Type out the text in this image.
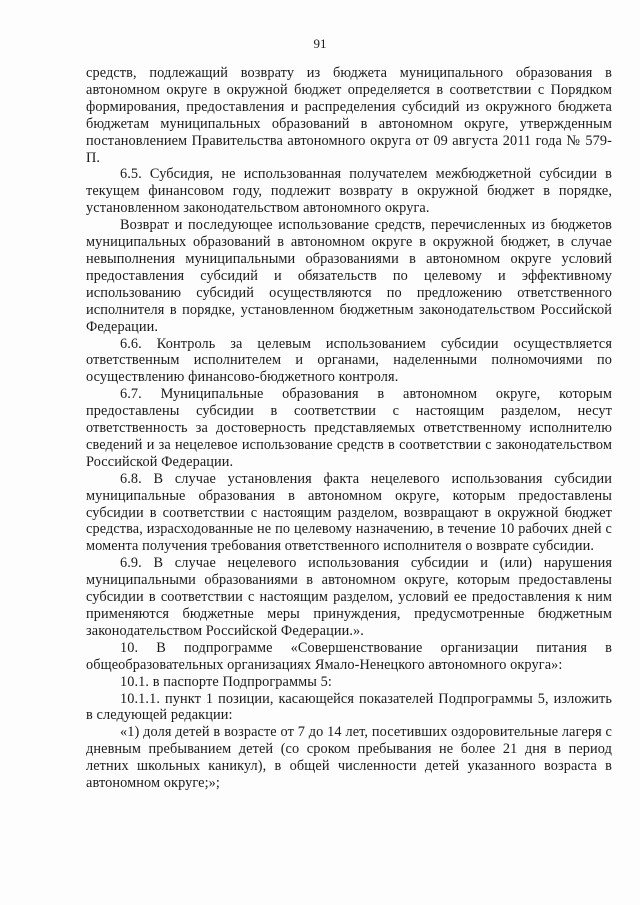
91

средств, подлежащий возврату из бюджета муниципального образования в автономном округе в окружной бюджет определяется в соответствии с Порядком формирования, предоставления и распределения субсидий из окружного бюджета бюджетам муниципальных образований в автономном округе, утвержденным постановлением Правительства автономного округа от 09 августа 2011 года № 579-П.

6.5. Субсидия, не использованная получателем межбюджетной субсидии в текущем финансовом году, подлежит возврату в окружной бюджет в порядке, установленном законодательством автономного округа.

Возврат и последующее использование средств, перечисленных из бюджетов муниципальных образований в автономном округе в окружной бюджет, в случае невыполнения муниципальными образованиями в автономном округе условий предоставления субсидий и обязательств по целевому и эффективному использованию субсидий осуществляются по предложению ответственного исполнителя в порядке, установленном бюджетным законодательством Российской Федерации.

6.6. Контроль за целевым использованием субсидии осуществляется ответственным исполнителем и органами, наделенными полномочиями по осуществлению финансово-бюджетного контроля.

6.7. Муниципальные образования в автономном округе, которым предоставлены субсидии в соответствии с настоящим разделом, несут ответственность за достоверность представляемых ответственному исполнителю сведений и за нецелевое использование средств в соответствии с законодательством Российской Федерации.

6.8. В случае установления факта нецелевого использования субсидии муниципальные образования в автономном округе, которым предоставлены субсидии в соответствии с настоящим разделом, возвращают в окружной бюджет средства, израсходованные не по целевому назначению, в течение 10 рабочих дней с момента получения требования ответственного исполнителя о возврате субсидии.

6.9. В случае нецелевого использования субсидии и (или) нарушения муниципальными образованиями в автономном округе, которым предоставлены субсидии в соответствии с настоящим разделом, условий ее предоставления к ним применяются бюджетные меры принуждения, предусмотренные бюджетным законодательством Российской Федерации.».

10. В подпрограмме «Совершенствование организации питания в общеобразовательных организациях Ямало-Ненецкого автономного округа»:

10.1. в паспорте Подпрограммы 5:

10.1.1. пункт 1 позиции, касающейся показателей Подпрограммы 5, изложить в следующей редакции:

«1) доля детей в возрасте от 7 до 14 лет, посетивших оздоровительные лагеря с дневным пребыванием детей (со сроком пребывания не более 21 дня в период летних школьных каникул), в общей численности детей указанного возраста в автономном округе;»;
